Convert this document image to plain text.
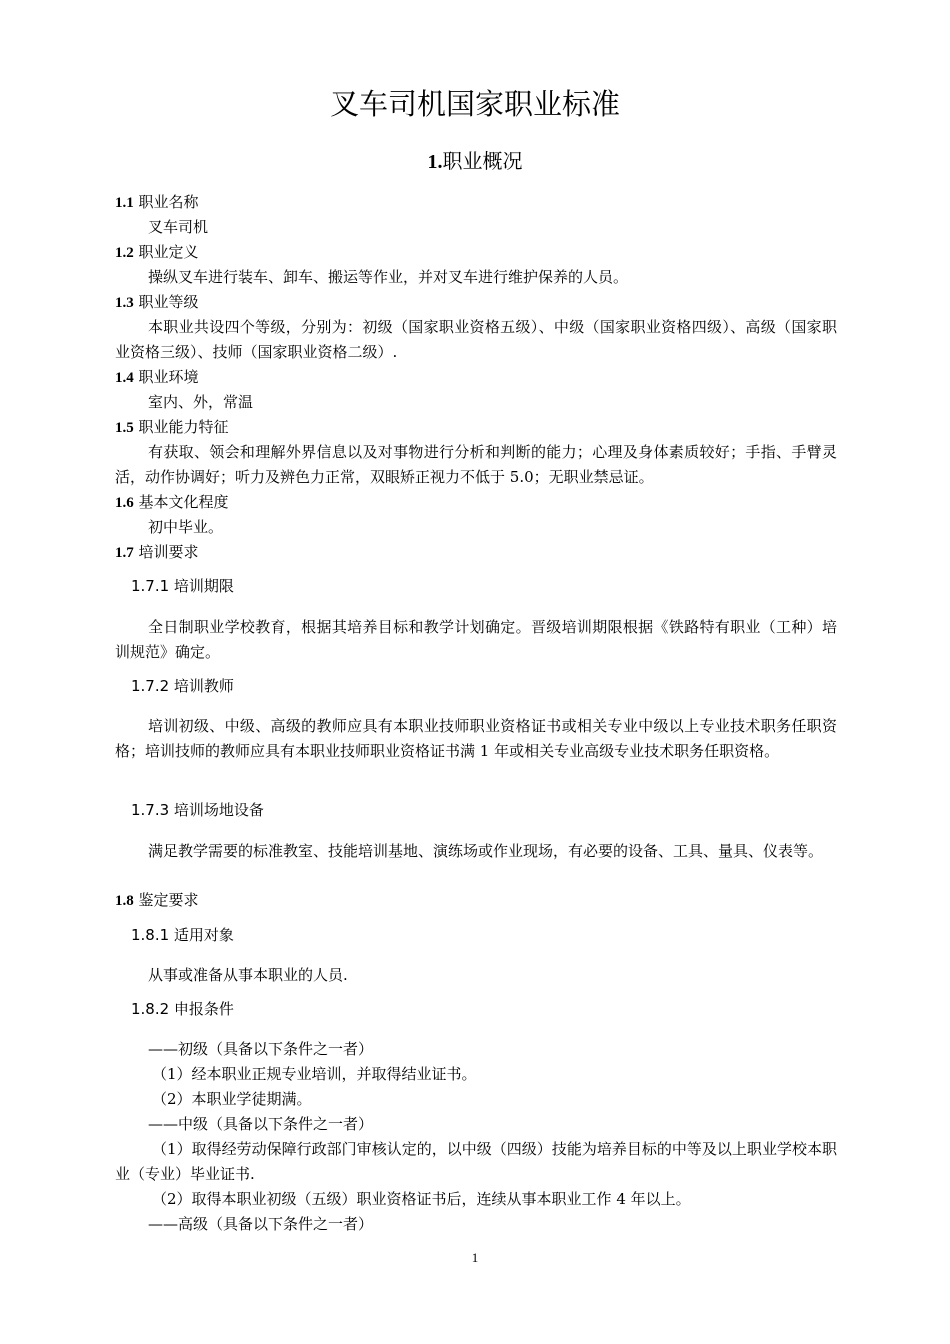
叉车司机国家职业标准
1.职业概况
1.1 职业名称
叉车司机
1.2 职业定义
操纵叉车进行装车、卸车、搬运等作业，并对叉车进行维护保养的人员。
1.3 职业等级
本职业共设四个等级，分别为：初级（国家职业资格五级）、中级（国家职业资格四级）、高级（国家职业资格三级）、技师（国家职业资格二级）.
1.4 职业环境
室内、外，常温
1.5 职业能力特征
有获取、领会和理解外界信息以及对事物进行分析和判断的能力；心理及身体素质较好；手指、手臂灵活，动作协调好；听力及辨色力正常，双眼矫正视力不低于 5.0；无职业禁忌证。
1.6 基本文化程度
初中毕业。
1.7 培训要求
1.7.1 培训期限
全日制职业学校教育，根据其培养目标和教学计划确定。晋级培训期限根据《铁路特有职业（工种）培训规范》确定。
1.7.2 培训教师
培训初级、中级、高级的教师应具有本职业技师职业资格证书或相关专业中级以上专业技术职务任职资格；培训技师的教师应具有本职业技师职业资格证书满 1 年或相关专业高级专业技术职务任职资格。
1.7.3 培训场地设备
满足教学需要的标准教室、技能培训基地、演练场或作业现场，有必要的设备、工具、量具、仪表等。
1.8 鉴定要求
1.8.1 适用对象
从事或准备从事本职业的人员.
1.8.2 申报条件
——初级（具备以下条件之一者）
（1）经本职业正规专业培训，并取得结业证书。
（2）本职业学徒期满。
——中级（具备以下条件之一者）
（1）取得经劳动保障行政部门审核认定的，以中级（四级）技能为培养目标的中等及以上职业学校本职业（专业）毕业证书.
（2）取得本职业初级（五级）职业资格证书后，连续从事本职业工作 4 年以上。
——高级（具备以下条件之一者）
1
